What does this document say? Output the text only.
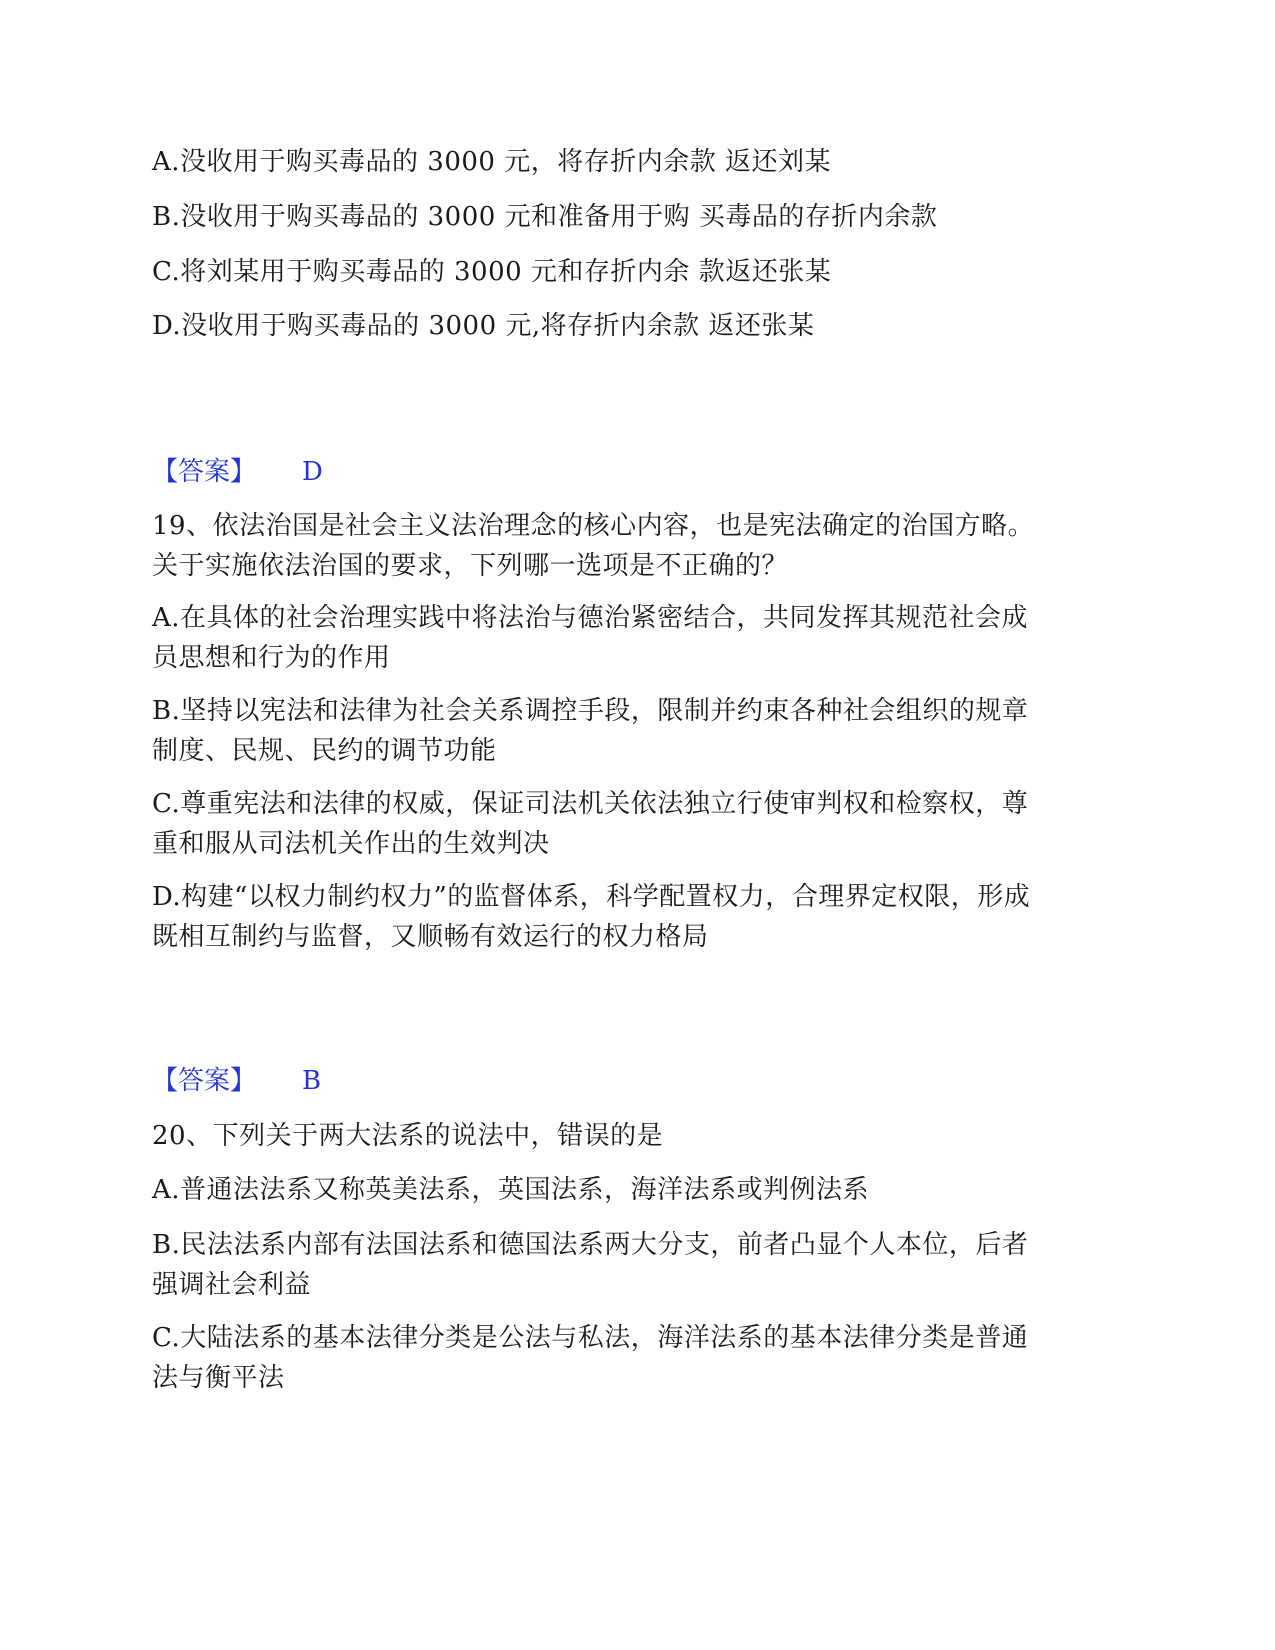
A.没收用于购买毒品的 3000 元，将存折内余款 返还刘某
B.没收用于购买毒品的 3000 元和准备用于购 买毒品的存折内余款
C.将刘某用于购买毒品的 3000 元和存折内余 款返还张某
D.没收用于购买毒品的 3000 元,将存折内余款 返还张某
【答案】 D
19、依法治国是社会主义法治理念的核心内容，也是宪法确定的治国方略。
关于实施依法治国的要求，下列哪一选项是不正确的？
A.在具体的社会治理实践中将法治与德治紧密结合，共同发挥其规范社会成
员思想和行为的作用
B.坚持以宪法和法律为社会关系调控手段，限制并约束各种社会组织的规章
制度、民规、民约的调节功能
C.尊重宪法和法律的权威，保证司法机关依法独立行使审判权和检察权，尊
重和服从司法机关作出的生效判决
D.构建“以权力制约权力”的监督体系，科学配置权力，合理界定权限，形成
既相互制约与监督，又顺畅有效运行的权力格局
【答案】 B
20、下列关于两大法系的说法中，错误的是
A.普通法法系又称英美法系，英国法系，海洋法系或判例法系
B.民法法系内部有法国法系和德国法系两大分支，前者凸显个人本位，后者
强调社会利益
C.大陆法系的基本法律分类是公法与私法，海洋法系的基本法律分类是普通
法与衡平法
